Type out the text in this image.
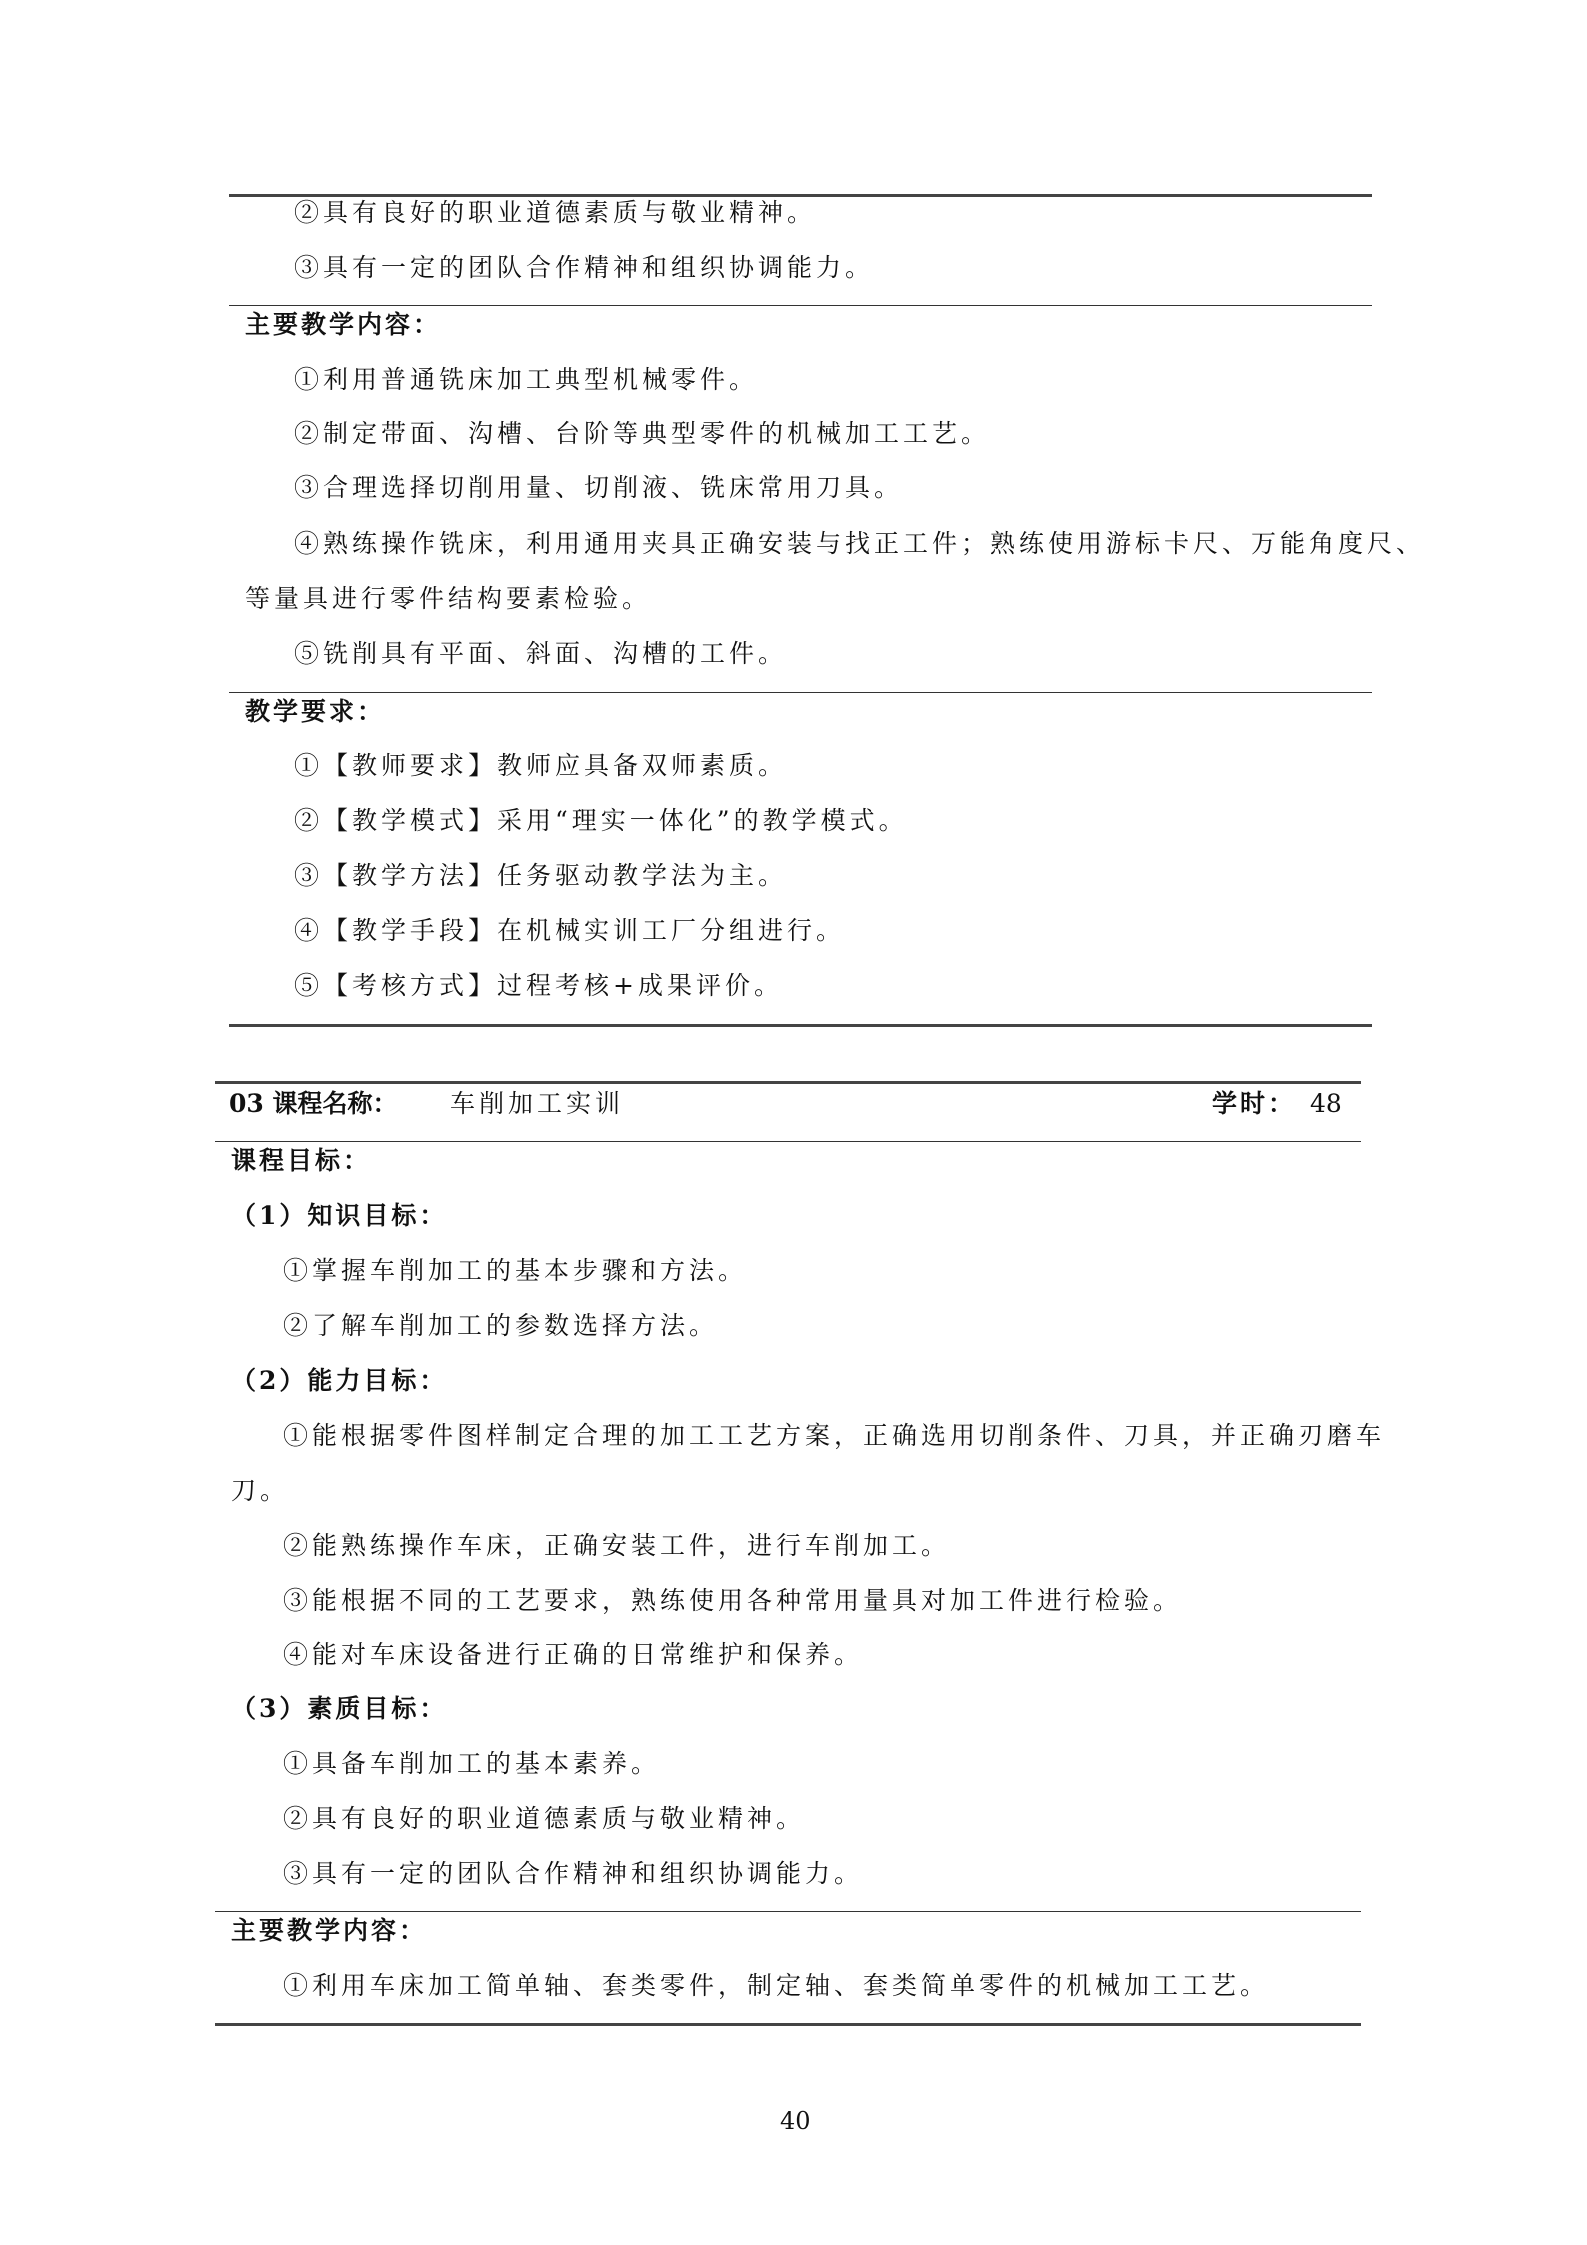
②具有良好的职业道德素质与敬业精神。
③具有一定的团队合作精神和组织协调能力。
主要教学内容：
①利用普通铣床加工典型机械零件。
②制定带面、沟槽、台阶等典型零件的机械加工工艺。
③合理选择切削用量、切削液、铣床常用刀具。
④熟练操作铣床，利用通用夹具正确安装与找正工件；熟练使用游标卡尺、万能角度尺、
等量具进行零件结构要素检验。
⑤铣削具有平面、斜面、沟槽的工件。
教学要求：
①【教师要求】教师应具备双师素质。
②【教学模式】采用“理实一体化”的教学模式。
③【教学方法】任务驱动教学法为主。
④【教学手段】在机械实训工厂分组进行。
⑤【考核方式】过程考核+成果评价。
03 课程名称： 车削加工实训	学时： 48
课程目标：
（1）知识目标：
①掌握车削加工的基本步骤和方法。
②了解车削加工的参数选择方法。
（2）能力目标：
①能根据零件图样制定合理的加工工艺方案，正确选用切削条件、刀具，并正确刃磨车
刀。
②能熟练操作车床，正确安装工件，进行车削加工。
③能根据不同的工艺要求，熟练使用各种常用量具对加工件进行检验。
④能对车床设备进行正确的日常维护和保养。
（3）素质目标：
①具备车削加工的基本素养。
②具有良好的职业道德素质与敬业精神。
③具有一定的团队合作精神和组织协调能力。
主要教学内容：
①利用车床加工简单轴、套类零件，制定轴、套类简单零件的机械加工工艺。
40
